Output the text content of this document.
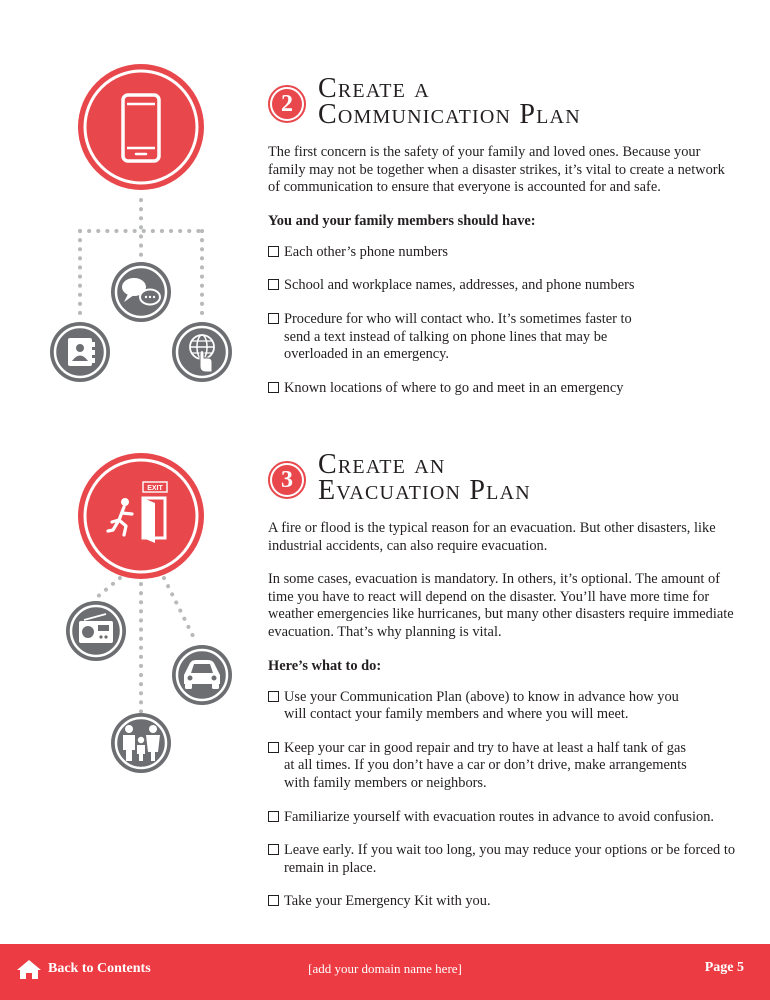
EXIT
2 Create a
Communication Plan

The first concern is the safety of your family and loved ones. Because your family may not be together when a disaster strikes, it’s vital to create a network of communication to ensure that everyone is accounted for and safe.

You and your family members should have:

Each other’s phone numbers
School and workplace names, addresses, and phone numbers
Procedure for who will contact who. It’s sometimes faster to send a text instead of talking on phone lines that may be overloaded in an emergency.
Known locations of where to go and meet in an emergency
3 Create an
Evacuation Plan

A fire or flood is the typical reason for an evacuation. But other disasters, like industrial accidents, can also require evacuation.

In some cases, evacuation is mandatory. In others, it’s optional. The amount of time you have to react will depend on the disaster. You’ll have more time for weather emergencies like hurricanes, but many other disasters require immediate evacuation. That’s why planning is vital.

Here’s what to do:

Use your Communication Plan (above) to know in advance how you will contact your family members and where you will meet.
Keep your car in good repair and try to have at least a half tank of gas at all times. If you don’t have a car or don’t drive, make arrangements with family members or neighbors.
Familiarize yourself with evacuation routes in advance to avoid confusion.
Leave early. If you wait too long, you may reduce your options or be forced to remain in place.
Take your Emergency Kit with you.
Back to Contents	[add your domain name here]	Page 5
